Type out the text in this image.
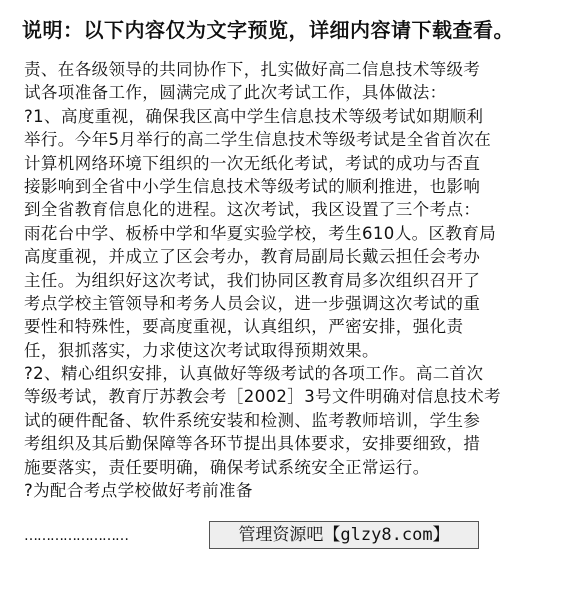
说明：以下内容仅为文字预览，详细内容请下载查看。
责、在各级领导的共同协作下，扎实做好高二信息技术等级考
试各项准备工作，圆满完成了此次考试工作，具体做法：
?1、高度重视，确保我区高中学生信息技术等级考试如期顺利
举行。今年5月举行的高二学生信息技术等级考试是全省首次在
计算机网络环境下组织的一次无纸化考试，考试的成功与否直
接影响到全省中小学生信息技术等级考试的顺利推进，也影响
到全省教育信息化的进程。这次考试，我区设置了三个考点：
雨花台中学、板桥中学和华夏实验学校，考生610人。区教育局
高度重视，并成立了区会考办，教育局副局长戴云担任会考办
主任。为组织好这次考试，我们协同区教育局多次组织召开了
考点学校主管领导和考务人员会议，进一步强调这次考试的重
要性和特殊性，要高度重视，认真组织，严密安排，强化责
任，狠抓落实，力求使这次考试取得预期效果。
?2、精心组织安排，认真做好等级考试的各项工作。高二首次
等级考试，教育厅苏教会考［2002］3号文件明确对信息技术考
试的硬件配备、软件系统安装和检测、监考教师培训，学生参
考组织及其后勤保障等各环节提出具体要求，安排要细致，措
施要落实，责任要明确，确保考试系统安全正常运行。
?为配合考点学校做好考前准备
……………………	管理资源吧【glzy8.com】
